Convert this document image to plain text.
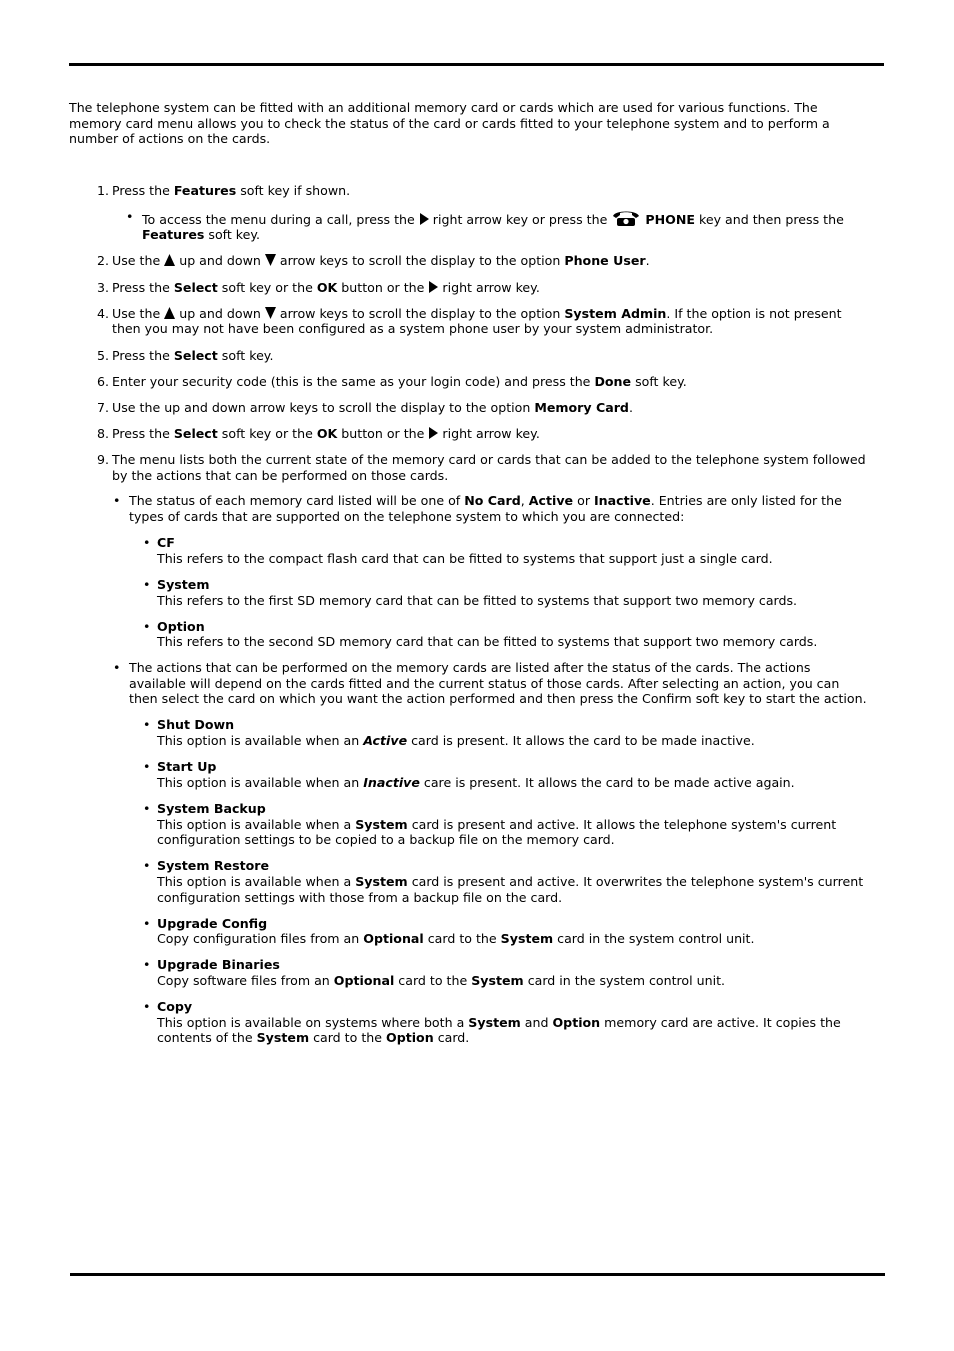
The telephone system can be fitted with an additional memory card or cards which are used for various functions. The memory card menu allows you to check the status of the card or cards fitted to your telephone system and to perform a number of actions on the cards.

1. Press the Features soft key if shown.
• To access the menu during a call, press the  right arrow key or press the	PHONE key and then press the Features soft key.
2. Use the  up and down  arrow keys to scroll the display to the option Phone User.
3. Press the Select soft key or the OK button or the  right arrow key.
4. Use the  up and down  arrow keys to scroll the display to the option System Admin. If the option is not present then you may not have been configured as a system phone user by your system administrator.
5. Press the Select soft key.
6. Enter your security code (this is the same as your login code) and press the Done soft key.
7. Use the up and down arrow keys to scroll the display to the option Memory Card.
8. Press the Select soft key or the OK button or the  right arrow key.
9. The menu lists both the current state of the memory card or cards that can be added to the telephone system followed by the actions that can be performed on those cards.
• The status of each memory card listed will be one of No Card, Active or Inactive. Entries are only listed for the types of cards that are supported on the telephone system to which you are connected:
• CF
This refers to the compact flash card that can be fitted to systems that support just a single card.
• System
This refers to the first SD memory card that can be fitted to systems that support two memory cards.
• Option
This refers to the second SD memory card that can be fitted to systems that support two memory cards.
• The actions that can be performed on the memory cards are listed after the status of the cards. The actions available will depend on the cards fitted and the current status of those cards. After selecting an action, you can then select the card on which you want the action performed and then press the Confirm soft key to start the action.
• Shut Down
This option is available when an Active card is present. It allows the card to be made inactive.
• Start Up
This option is available when an Inactive care is present. It allows the card to be made active again.
• System Backup
This option is available when a System card is present and active. It allows the telephone system's current configuration settings to be copied to a backup file on the memory card.
• System Restore
This option is available when a System card is present and active. It overwrites the telephone system's current configuration settings with those from a backup file on the card.
• Upgrade Config
Copy configuration files from an Optional card to the System card in the system control unit.
• Upgrade Binaries
Copy software files from an Optional card to the System card in the system control unit.
• Copy
This option is available on systems where both a System and Option memory card are active. It copies the contents of the System card to the Option card.
